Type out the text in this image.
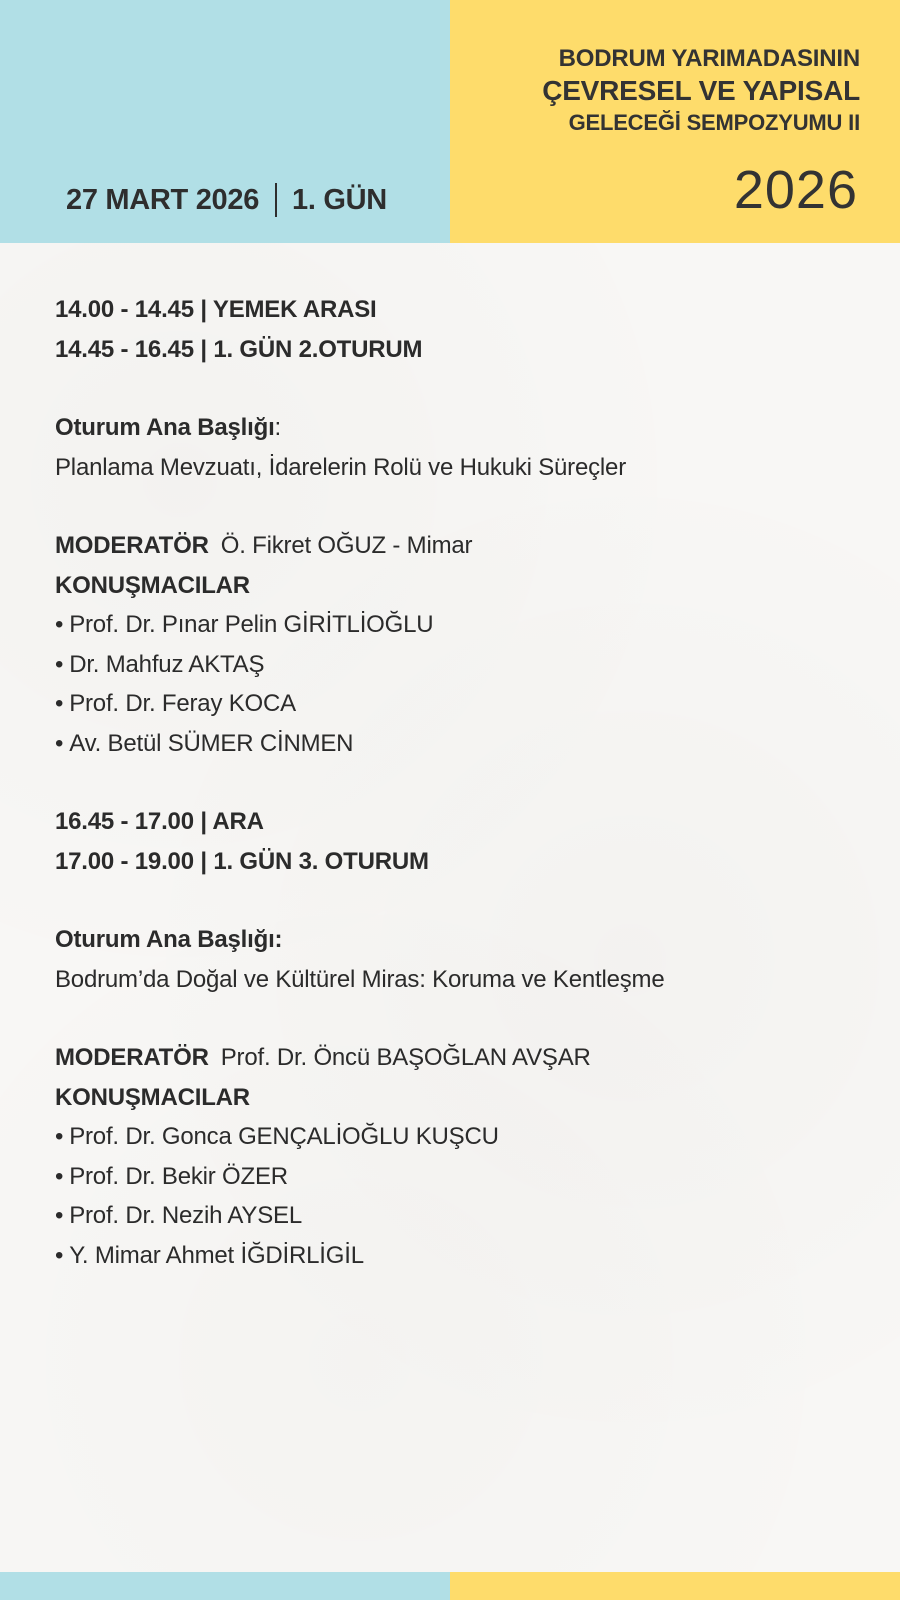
27 MART 2026 1. GÜN
BODRUM YARIMADASININ
ÇEVRESEL VE YAPISAL
GELECEĞİ SEMPOZYUMU II
2026
14.00 - 14.45 | YEMEK ARASI
14.45 - 16.45 | 1. GÜN 2.OTURUM
Oturum Ana Başlığı:
Planlama Mevzuatı, İdarelerin Rolü ve Hukuki Süreçler
MODERATÖR Ö. Fikret OĞUZ - Mimar
KONUŞMACILAR
• Prof. Dr. Pınar Pelin GİRİTLİOĞLU
• Dr. Mahfuz AKTAŞ
• Prof. Dr. Feray KOCA
• Av. Betül SÜMER CİNMEN
16.45 - 17.00 | ARA
17.00 - 19.00 | 1. GÜN 3. OTURUM
Oturum Ana Başlığı:
Bodrum’da Doğal ve Kültürel Miras: Koruma ve Kentleşme
MODERATÖR Prof. Dr. Öncü BAŞOĞLAN AVŞAR
KONUŞMACILAR
• Prof. Dr. Gonca GENÇALİOĞLU KUŞCU
• Prof. Dr. Bekir ÖZER
• Prof. Dr. Nezih AYSEL
• Y. Mimar Ahmet İĞDİRLİGİL
